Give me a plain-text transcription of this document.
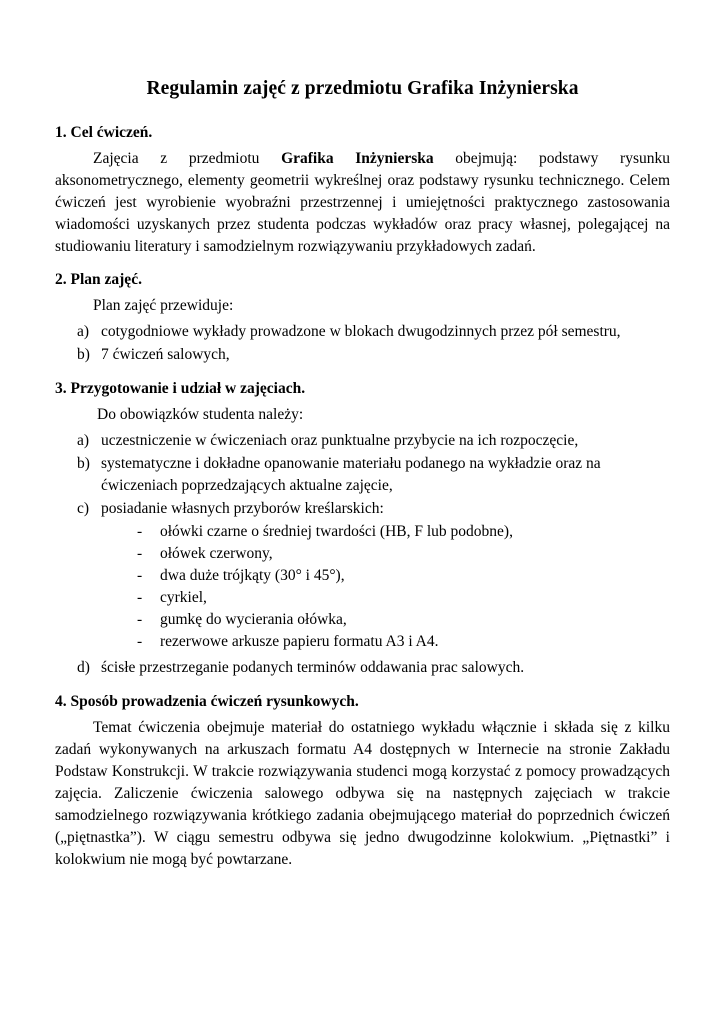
Regulamin zajęć z przedmiotu Grafika Inżynierska
1. Cel ćwiczeń.

Zajęcia z przedmiotu Grafika Inżynierska obejmują: podstawy rysunku aksonometrycznego, elementy geometrii wykreślnej oraz podstawy rysunku technicznego. Celem ćwiczeń jest wyrobienie wyobraźni przestrzennej i umiejętności praktycznego zastosowania wiadomości uzyskanych przez studenta podczas wykładów oraz pracy własnej, polegającej na studiowaniu literatury i samodzielnym rozwiązywaniu przykładowych zadań.

2. Plan zajęć.

Plan zajęć przewiduje:

a) cotygodniowe wykłady prowadzone w blokach dwugodzinnych przez pół semestru,
b) 7 ćwiczeń salowych,
3. Przygotowanie i udział w zajęciach.

Do obowiązków studenta należy:

a) uczestniczenie w ćwiczeniach oraz punktualne przybycie na ich rozpoczęcie,
b) systematyczne i dokładne opanowanie materiału podanego na wykładzie oraz na ćwiczeniach poprzedzających aktualne zajęcie,
c) posiadanie własnych przyborów kreślarskich:
- ołówki czarne o średniej twardości (HB, F lub podobne),
- ołówek czerwony,
- dwa duże trójkąty (30° i 45°),
- cyrkiel,
- gumkę do wycierania ołówka,
- rezerwowe arkusze papieru formatu A3 i A4.
d) ścisłe przestrzeganie podanych terminów oddawania prac salowych.
4. Sposób prowadzenia ćwiczeń rysunkowych.

Temat ćwiczenia obejmuje materiał do ostatniego wykładu włącznie i składa się z kilku zadań wykonywanych na arkuszach formatu A4 dostępnych w Internecie na stronie Zakładu Podstaw Konstrukcji. W trakcie rozwiązywania studenci mogą korzystać z pomocy prowadzących zajęcia. Zaliczenie ćwiczenia salowego odbywa się na następnych zajęciach w trakcie samodzielnego rozwiązywania krótkiego zadania obejmującego materiał do poprzednich ćwiczeń („piętnastka”). W ciągu semestru odbywa się jedno dwugodzinne kolokwium. „Piętnastki” i kolokwium nie mogą być powtarzane.
